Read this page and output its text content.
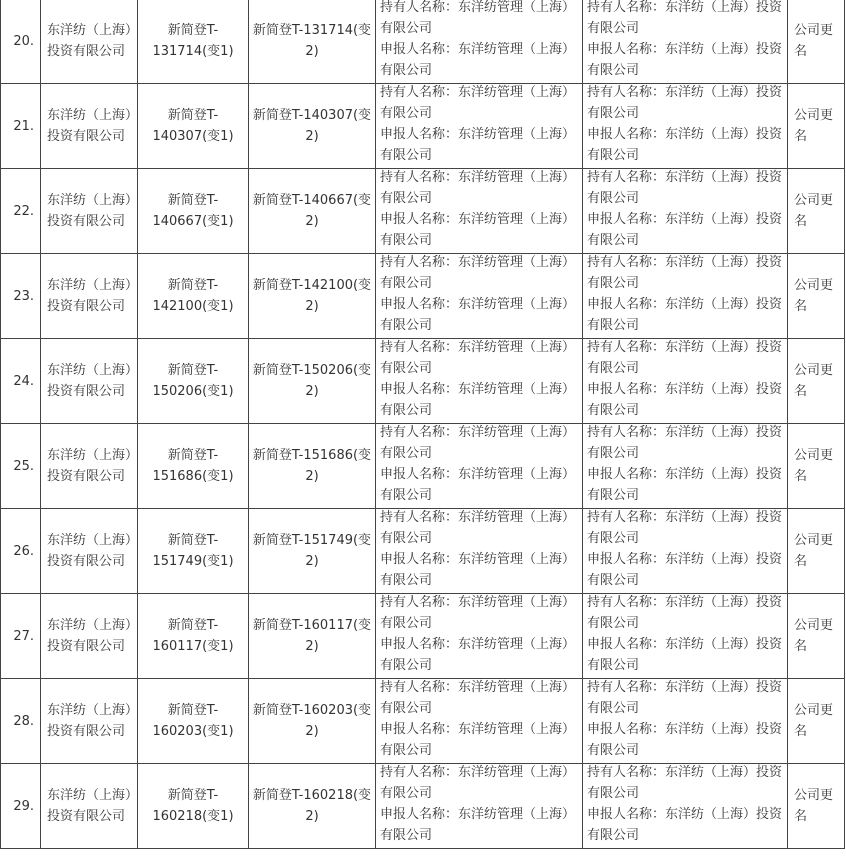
20.	东洋纺（上海）投资有限公司	新简登T-131714(变1)	新简登T-131714(变2)	持有人名称：东洋纺管理（上海）有限公司
申报人名称：东洋纺管理（上海）有限公司	持有人名称：东洋纺（上海）投资有限公司
申报人名称：东洋纺（上海）投资有限公司	公司更名
21.	东洋纺（上海）投资有限公司	新简登T-140307(变1)	新简登T-140307(变2)	持有人名称：东洋纺管理（上海）有限公司
申报人名称：东洋纺管理（上海）有限公司	持有人名称：东洋纺（上海）投资有限公司
申报人名称：东洋纺（上海）投资有限公司	公司更名
22.	东洋纺（上海）投资有限公司	新简登T-140667(变1)	新简登T-140667(变2)	持有人名称：东洋纺管理（上海）有限公司
申报人名称：东洋纺管理（上海）有限公司	持有人名称：东洋纺（上海）投资有限公司
申报人名称：东洋纺（上海）投资有限公司	公司更名
23.	东洋纺（上海）投资有限公司	新简登T-142100(变1)	新简登T-142100(变2)	持有人名称：东洋纺管理（上海）有限公司
申报人名称：东洋纺管理（上海）有限公司	持有人名称：东洋纺（上海）投资有限公司
申报人名称：东洋纺（上海）投资有限公司	公司更名
24.	东洋纺（上海）投资有限公司	新简登T-150206(变1)	新简登T-150206(变2)	持有人名称：东洋纺管理（上海）有限公司
申报人名称：东洋纺管理（上海）有限公司	持有人名称：东洋纺（上海）投资有限公司
申报人名称：东洋纺（上海）投资有限公司	公司更名
25.	东洋纺（上海）投资有限公司	新简登T-151686(变1)	新简登T-151686(变2)	持有人名称：东洋纺管理（上海）有限公司
申报人名称：东洋纺管理（上海）有限公司	持有人名称：东洋纺（上海）投资有限公司
申报人名称：东洋纺（上海）投资有限公司	公司更名
26.	东洋纺（上海）投资有限公司	新简登T-151749(变1)	新简登T-151749(变2)	持有人名称：东洋纺管理（上海）有限公司
申报人名称：东洋纺管理（上海）有限公司	持有人名称：东洋纺（上海）投资有限公司
申报人名称：东洋纺（上海）投资有限公司	公司更名
27.	东洋纺（上海）投资有限公司	新简登T-160117(变1)	新简登T-160117(变2)	持有人名称：东洋纺管理（上海）有限公司
申报人名称：东洋纺管理（上海）有限公司	持有人名称：东洋纺（上海）投资有限公司
申报人名称：东洋纺（上海）投资有限公司	公司更名
28.	东洋纺（上海）投资有限公司	新简登T-160203(变1)	新简登T-160203(变2)	持有人名称：东洋纺管理（上海）有限公司
申报人名称：东洋纺管理（上海）有限公司	持有人名称：东洋纺（上海）投资有限公司
申报人名称：东洋纺（上海）投资有限公司	公司更名
29.	东洋纺（上海）投资有限公司	新简登T-160218(变1)	新简登T-160218(变2)	持有人名称：东洋纺管理（上海）有限公司
申报人名称：东洋纺管理（上海）有限公司	持有人名称：东洋纺（上海）投资有限公司
申报人名称：东洋纺（上海）投资有限公司	公司更名
